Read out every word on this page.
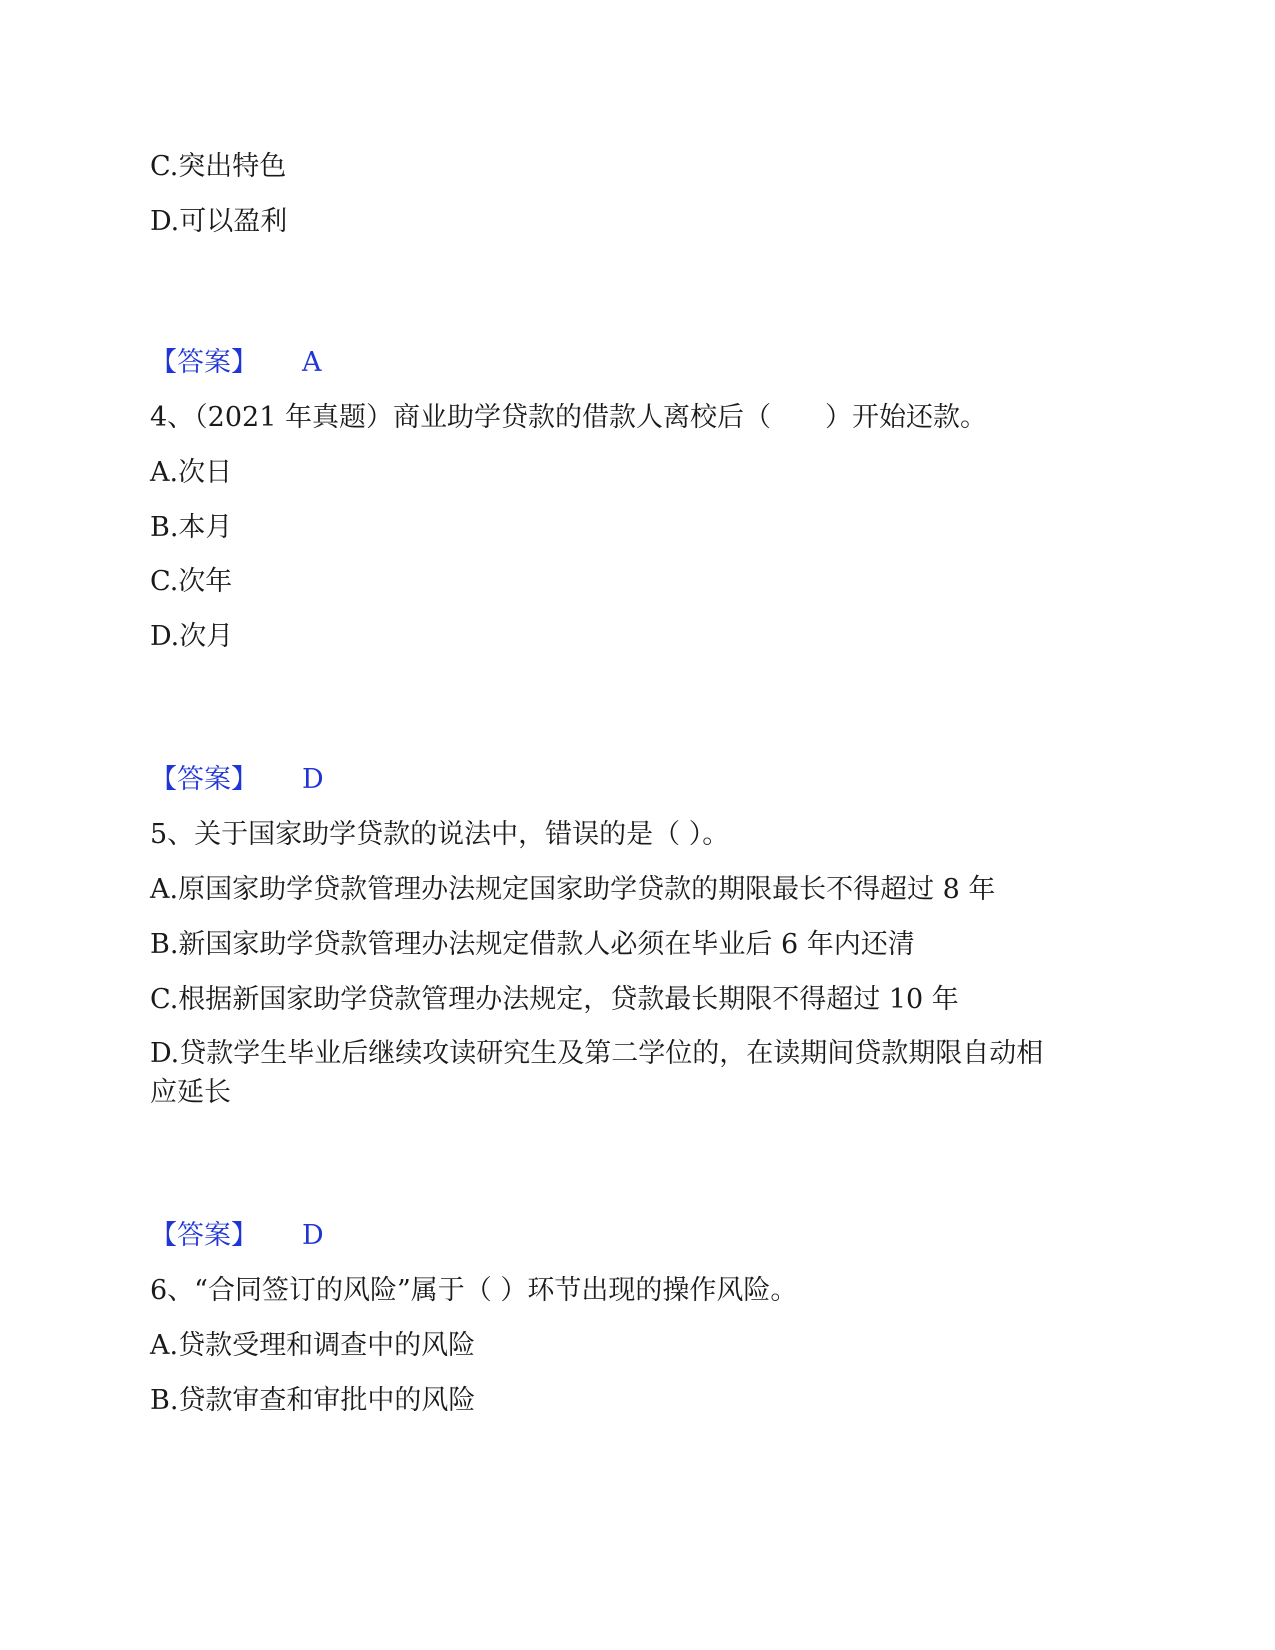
C.突出特色
D.可以盈利
【答案】 A
4、（2021 年真题）商业助学贷款的借款人离校后（　　）开始还款。
A.次日
B.本月
C.次年
D.次月
【答案】 D
5、关于国家助学贷款的说法中，错误的是（ ）。
A.原国家助学贷款管理办法规定国家助学贷款的期限最长不得超过 8 年
B.新国家助学贷款管理办法规定借款人必须在毕业后 6 年内还清
C.根据新国家助学贷款管理办法规定，贷款最长期限不得超过 10 年
D.贷款学生毕业后继续攻读研究生及第二学位的，在读期间贷款期限自动相
应延长
【答案】 D
6、“合同签订的风险”属于（ ）环节出现的操作风险。
A.贷款受理和调查中的风险
B.贷款审查和审批中的风险
